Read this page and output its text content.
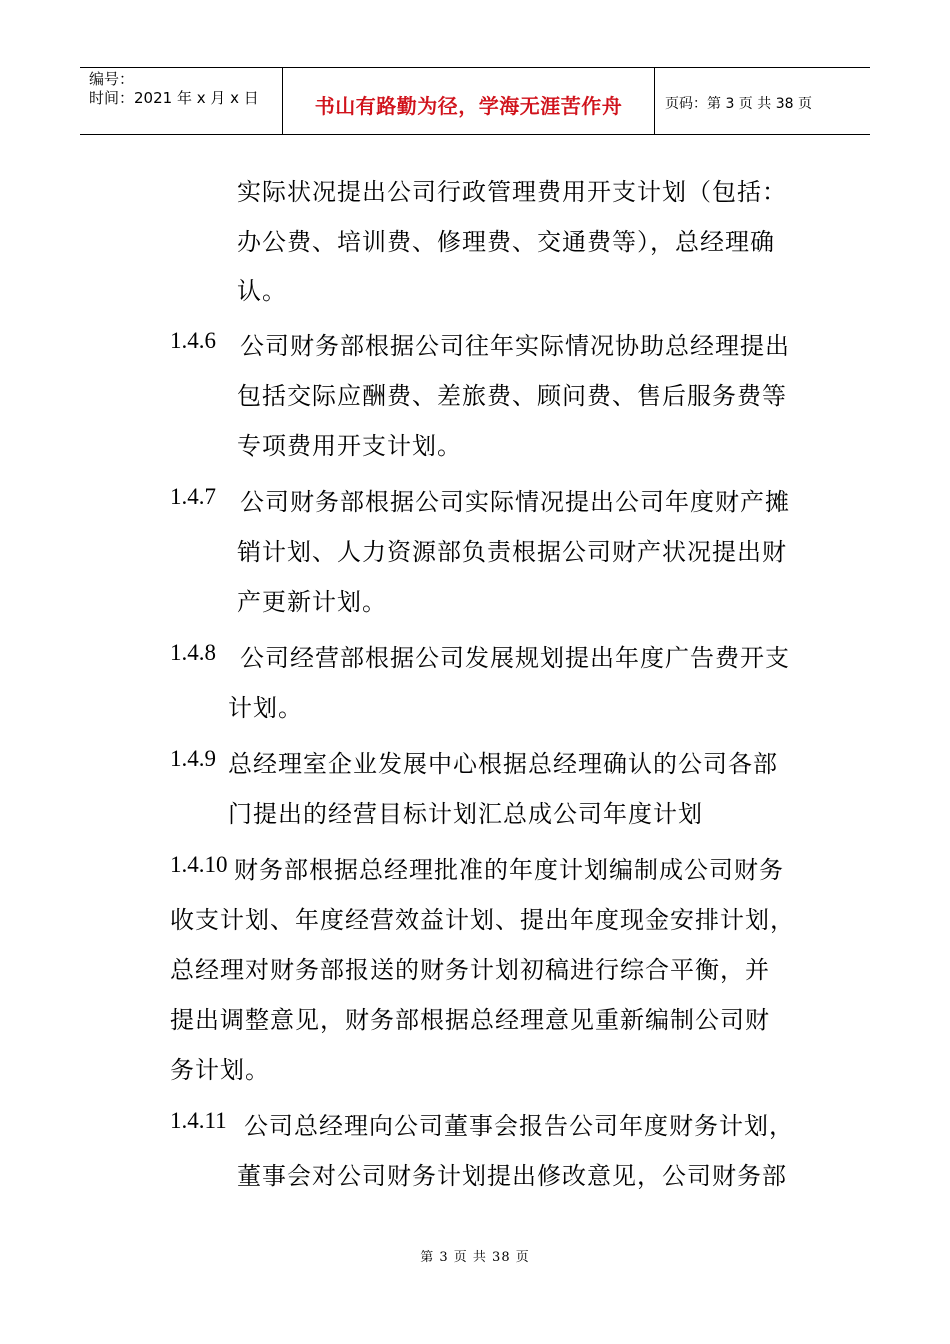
编号：
时间：2021 年 x 月 x 日	书山有路勤为径，学海无涯苦作舟	页码：第 3 页 共 38 页
实际状况提出公司行政管理费用开支计划（包括：
办公费、培训费、修理费、交通费等），总经理确
认。
1.4.6 公司财务部根据公司往年实际情况协助总经理提出
包括交际应酬费、差旅费、顾问费、售后服务费等
专项费用开支计划。
1.4.7 公司财务部根据公司实际情况提出公司年度财产摊
销计划、人力资源部负责根据公司财产状况提出财
产更新计划。
1.4.8 公司经营部根据公司发展规划提出年度广告费开支
计划。
1.4.9 总经理室企业发展中心根据总经理确认的公司各部
门提出的经营目标计划汇总成公司年度计划
1.4.10 财务部根据总经理批准的年度计划编制成公司财务
收支计划、年度经营效益计划、提出年度现金安排计划，
总经理对财务部报送的财务计划初稿进行综合平衡，并
提出调整意见，财务部根据总经理意见重新编制公司财
务计划。
1.4.11 公司总经理向公司董事会报告公司年度财务计划，
董事会对公司财务计划提出修改意见，公司财务部
第 3 页 共 38 页
